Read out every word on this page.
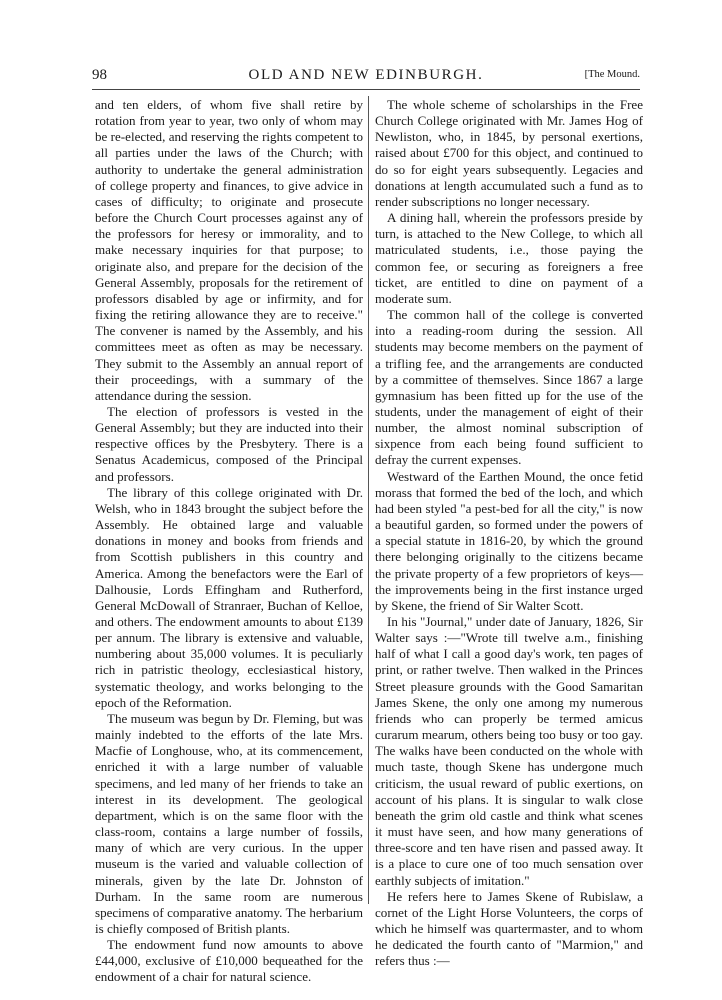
98	OLD AND NEW EDINBURGH.	[The Mound.

and ten elders, of whom five shall retire by rotation from year to year, two only of whom may be re-elected, and reserving the rights competent to all parties under the laws of the Church; with authority to undertake the general administration of college property and finances, to give advice in cases of difficulty; to originate and prosecute before the Church Court processes against any of the professors for heresy or immorality, and to make necessary inquiries for that purpose; to originate also, and prepare for the decision of the General Assembly, proposals for the retirement of professors disabled by age or infirmity, and for fixing the retiring allowance they are to receive." The convener is named by the Assembly, and his committees meet as often as may be necessary. They submit to the Assembly an annual report of their proceedings, with a summary of the attendance during the session.

The election of professors is vested in the General Assembly; but they are inducted into their respective offices by the Presbytery. There is a Senatus Academicus, composed of the Principal and professors.

The library of this college originated with Dr. Welsh, who in 1843 brought the subject before the Assembly. He obtained large and valuable donations in money and books from friends and from Scottish publishers in this country and America. Among the benefactors were the Earl of Dalhousie, Lords Effingham and Rutherford, General McDowall of Stranraer, Buchan of Kelloe, and others. The endowment amounts to about £139 per annum. The library is extensive and valuable, numbering about 35,000 volumes. It is peculiarly rich in patristic theology, ecclesiastical history, systematic theology, and works belonging to the epoch of the Reformation.

The museum was begun by Dr. Fleming, but was mainly indebted to the efforts of the late Mrs. Macfie of Longhouse, who, at its commencement, enriched it with a large number of valuable specimens, and led many of her friends to take an interest in its development. The geological department, which is on the same floor with the class-room, contains a large number of fossils, many of which are very curious. In the upper museum is the varied and valuable collection of minerals, given by the late Dr. Johnston of Durham. In the same room are numerous specimens of comparative anatomy. The herbarium is chiefly composed of British plants.

The endowment fund now amounts to above £44,000, exclusive of £10,000 bequeathed for the endowment of a chair for natural science.

The whole scheme of scholarships in the Free Church College originated with Mr. James Hog of Newliston, who, in 1845, by personal exertions, raised about £700 for this object, and continued to do so for eight years subsequently. Legacies and donations at length accumulated such a fund as to render subscriptions no longer necessary.

A dining hall, wherein the professors preside by turn, is attached to the New College, to which all matriculated students, i.e., those paying the common fee, or securing as foreigners a free ticket, are entitled to dine on payment of a moderate sum.

The common hall of the college is converted into a reading-room during the session. All students may become members on the payment of a trifling fee, and the arrangements are conducted by a committee of themselves. Since 1867 a large gymnasium has been fitted up for the use of the students, under the management of eight of their number, the almost nominal subscription of sixpence from each being found sufficient to defray the current expenses.

Westward of the Earthen Mound, the once fetid morass that formed the bed of the loch, and which had been styled "a pest-bed for all the city," is now a beautiful garden, so formed under the powers of a special statute in 1816-20, by which the ground there belonging originally to the citizens became the private property of a few proprietors of keys—the improvements being in the first instance urged by Skene, the friend of Sir Walter Scott.

In his "Journal," under date of January, 1826, Sir Walter says :—"Wrote till twelve a.m., finishing half of what I call a good day's work, ten pages of print, or rather twelve. Then walked in the Princes Street pleasure grounds with the Good Samaritan James Skene, the only one among my numerous friends who can properly be termed amicus curarum mearum, others being too busy or too gay. The walks have been conducted on the whole with much taste, though Skene has undergone much criticism, the usual reward of public exertions, on account of his plans. It is singular to walk close beneath the grim old castle and think what scenes it must have seen, and how many generations of three-score and ten have risen and passed away. It is a place to cure one of too much sensation over earthly subjects of imitation."

He refers here to James Skene of Rubislaw, a cornet of the Light Horse Volunteers, the corps of which he himself was quartermaster, and to whom he dedicated the fourth canto of "Marmion," and refers thus :—
